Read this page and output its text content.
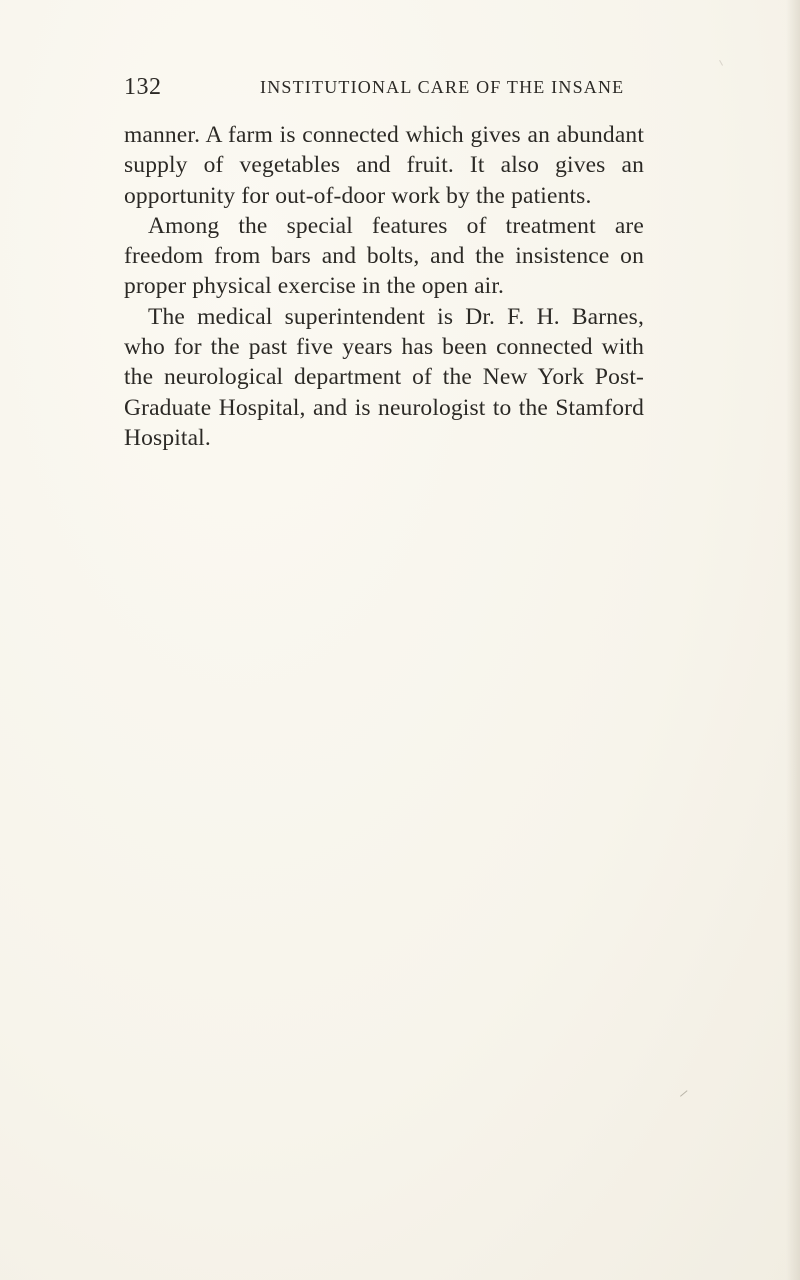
132	INSTITUTIONAL CARE OF THE INSANE

manner. A farm is connected which gives an abundant supply of vegetables and fruit. It also gives an opportunity for out-of-door work by the patients.

Among the special features of treatment are freedom from bars and bolts, and the insistence on proper physical exercise in the open air.

The medical superintendent is Dr. F. H. Barnes, who for the past five years has been connected with the neurological department of the New York Post-Graduate Hospital, and is neurologist to the Stamford Hospital.
